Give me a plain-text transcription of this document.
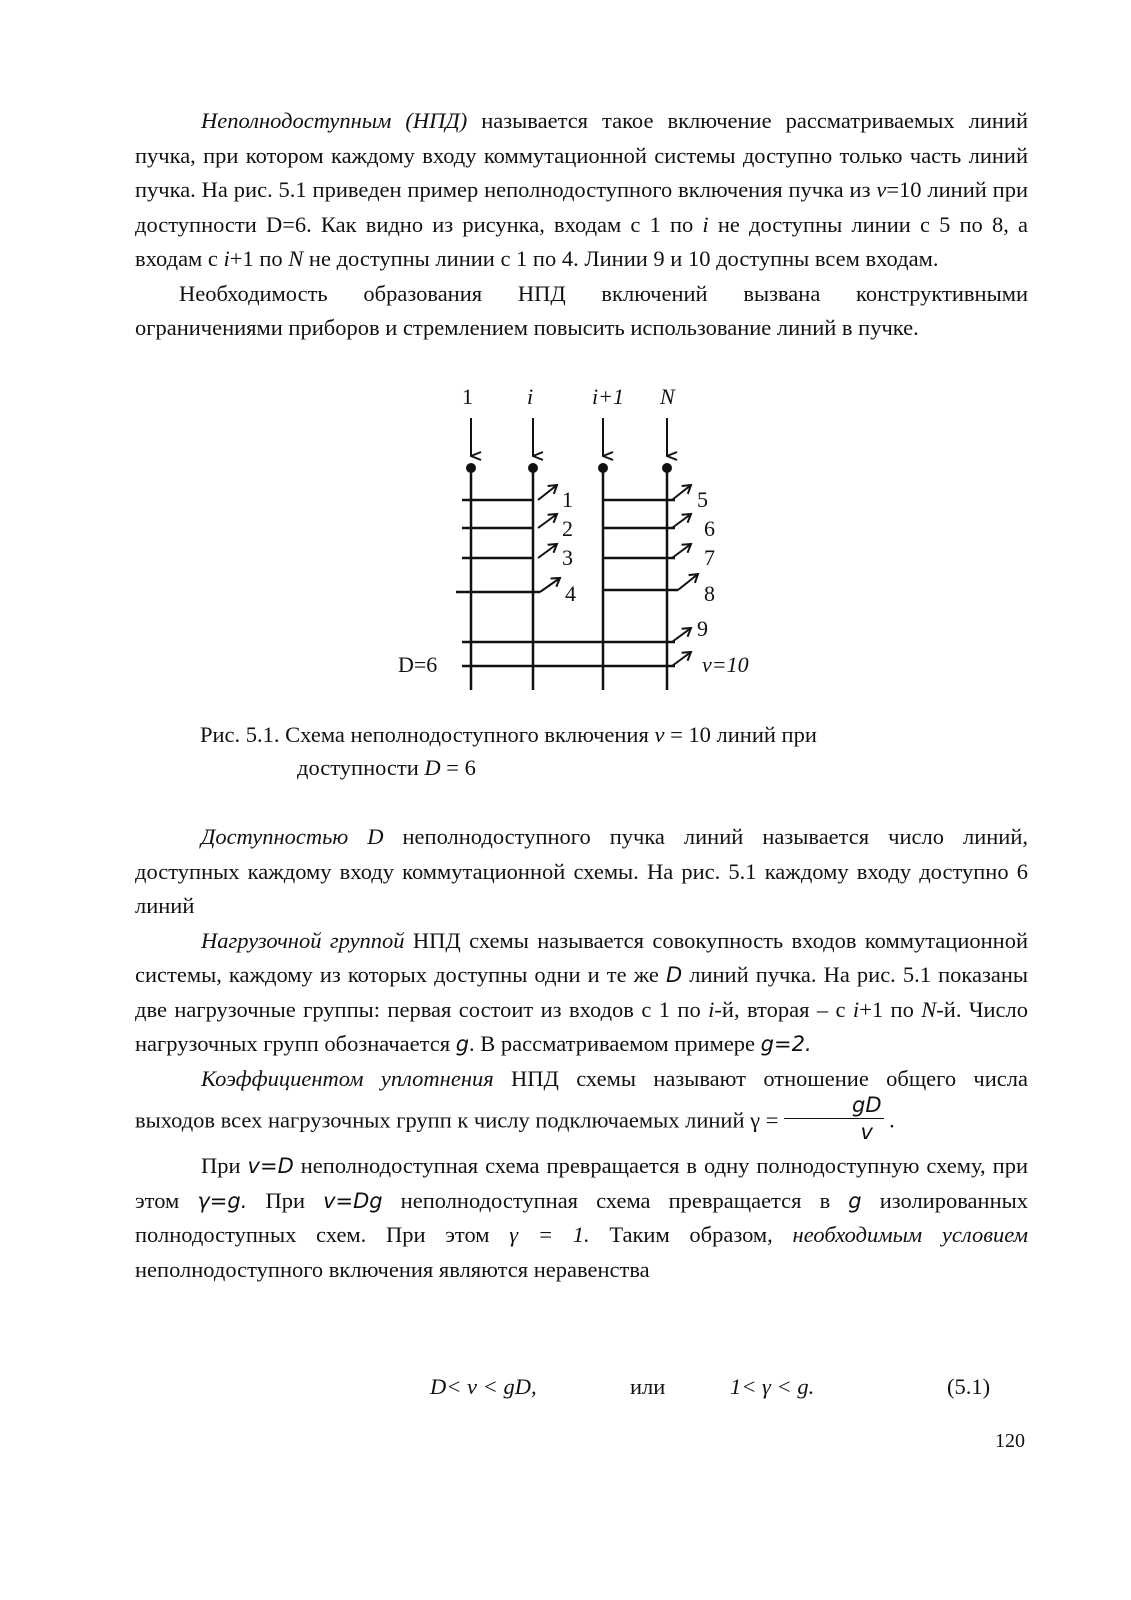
Неполнодоступным (НПД) называется такое включение рассматриваемых линий пучка, при котором каждому входу коммутационной системы доступно только часть линий пучка. На рис. 5.1 приведен пример неполнодоступного включения пучка из v=10 линий при доступности D=6. Как видно из рисунка, входам с 1 по i не доступны линии с 5 по 8, а входам с i+1 по N не доступны линии с 1 по 4. Линии 9 и 10 доступны всем входам.

Необходимость образования НПД включений вызвана конструктивными ограничениями приборов и стремлением повысить использование линий в пучке.

1 i	i+1 N
1
2
3
4
5
6
7
8
9
v=10
D=6
Рис. 5.1. Схема неполнодоступного включения v = 10 линий при
доступности D = 6

Доступностью D неполнодоступного пучка линий называется число линий, доступных каждому входу коммутационной схемы. На рис. 5.1 каждому входу доступно 6 линий

Нагрузочной группой НПД схемы называется совокупность входов коммутационной системы, каждому из которых доступны одни и те же D линий пучка. На рис. 5.1 показаны две нагрузочные группы: первая состоит из входов с 1 по i-й, вторая – с i+1 по N-й. Число нагрузочных групп обозначается g. В рассматриваемом примере g=2.

Коэффициентом уплотнения НПД схемы называют отношение общего числа выходов всех нагрузочных групп к числу подключаемых линий $\gamma = \frac{gD}{v}$ .

При v=D неполнодоступная схема превращается в одну полнодоступную схему, при этом γ=g. При v=Dg неполнодоступная схема превращается в g изолированных полнодоступных схем. При этом γ = 1. Таким образом, необходимым условием неполнодоступного включения являются неравенства

D< v < gD,	или	1< γ < g.	(5.1)
120
